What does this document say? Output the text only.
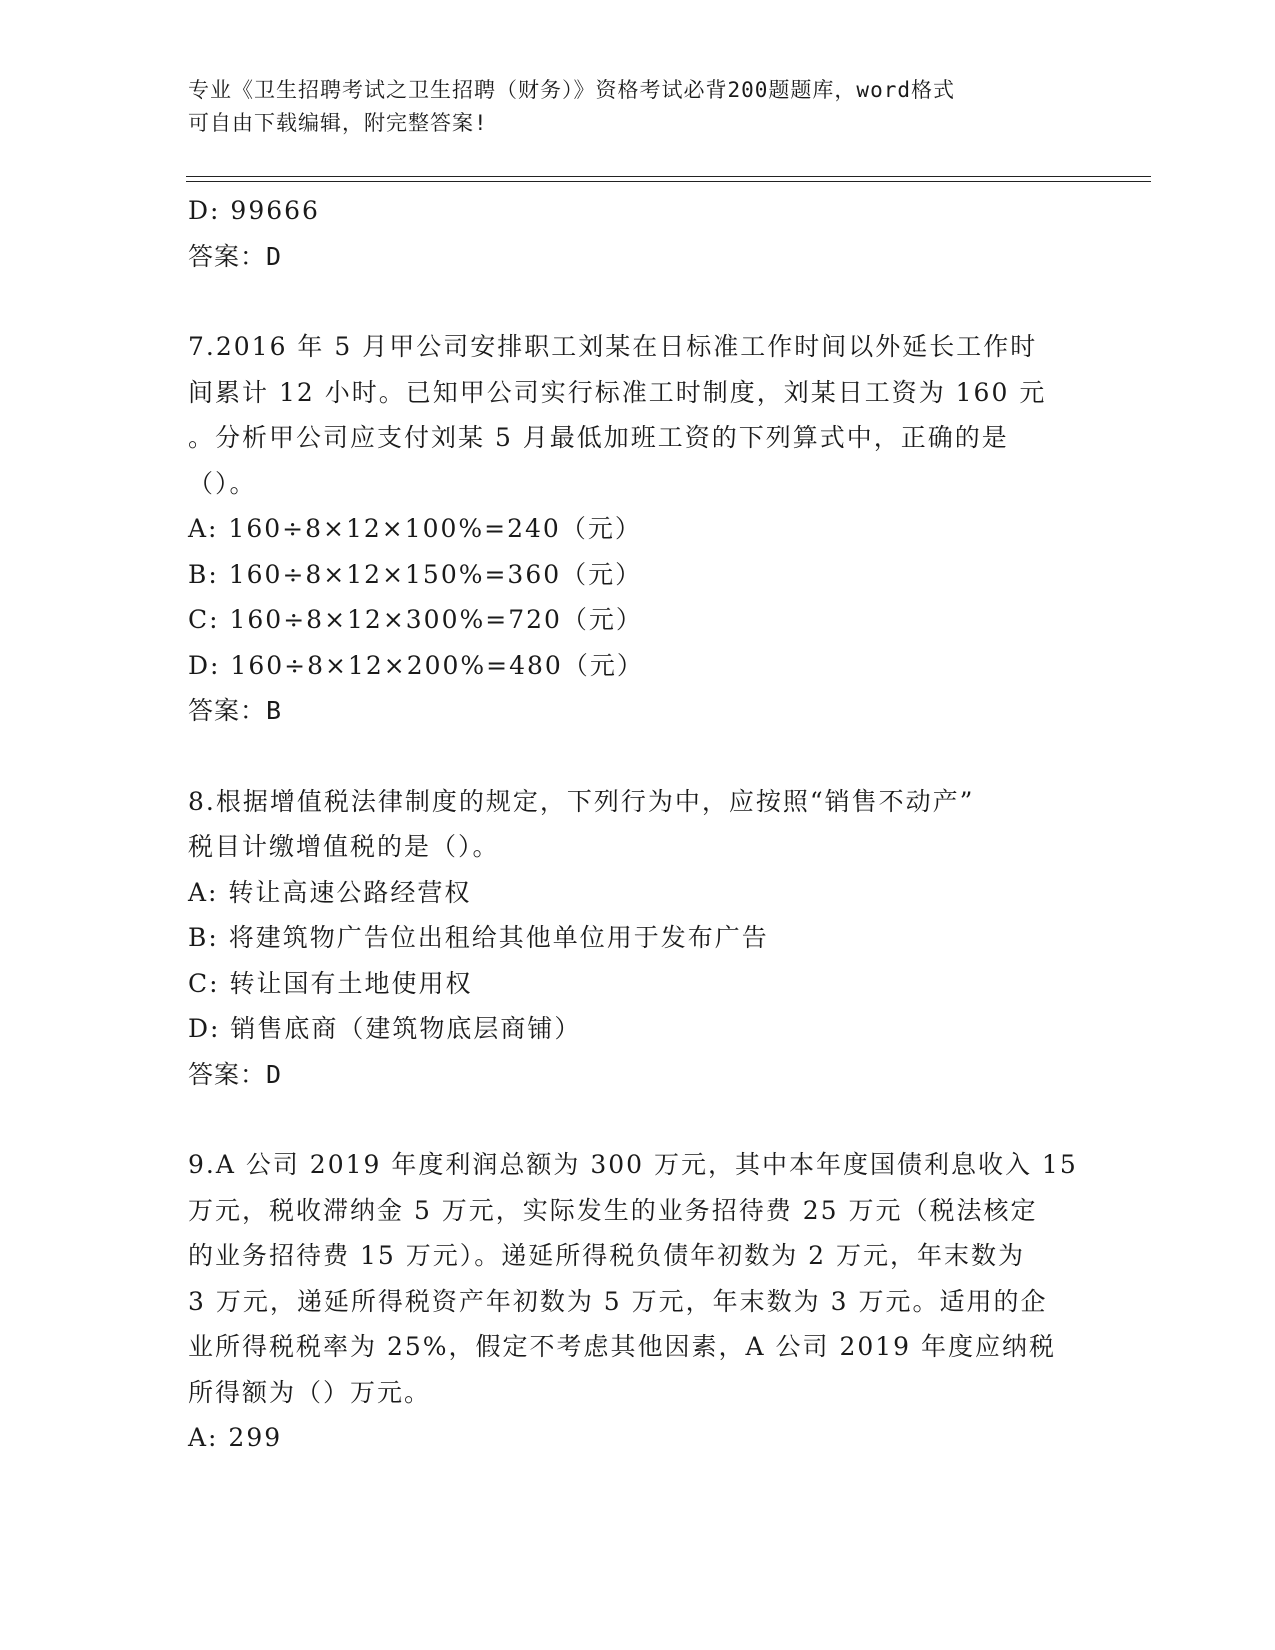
专业《卫生招聘考试之卫生招聘（财务）》资格考试必背200题题库，word格式
可自由下载编辑，附完整答案!
D: 99666
答案：D
7.2016 年 5 月甲公司安排职工刘某在日标准工作时间以外延长工作时
间累计 12 小时。已知甲公司实行标准工时制度，刘某日工资为 160 元
。分析甲公司应支付刘某 5 月最低加班工资的下列算式中，正确的是
（）。
A: 160÷8×12×100%=240（元）
B: 160÷8×12×150%=360（元）
C: 160÷8×12×300%=720（元）
D: 160÷8×12×200%=480（元）
答案：B
8.根据增值税法律制度的规定，下列行为中，应按照“销售不动产”
税目计缴增值税的是（）。
A: 转让高速公路经营权
B: 将建筑物广告位出租给其他单位用于发布广告
C: 转让国有土地使用权
D: 销售底商（建筑物底层商铺）
答案：D
9.A 公司 2019 年度利润总额为 300 万元，其中本年度国债利息收入 15
万元，税收滞纳金 5 万元，实际发生的业务招待费 25 万元（税法核定
的业务招待费 15 万元）。递延所得税负债年初数为 2 万元，年末数为
3 万元，递延所得税资产年初数为 5 万元，年末数为 3 万元。适用的企
业所得税税率为 25%，假定不考虑其他因素，A 公司 2019 年度应纳税
所得额为（）万元。
A: 299
